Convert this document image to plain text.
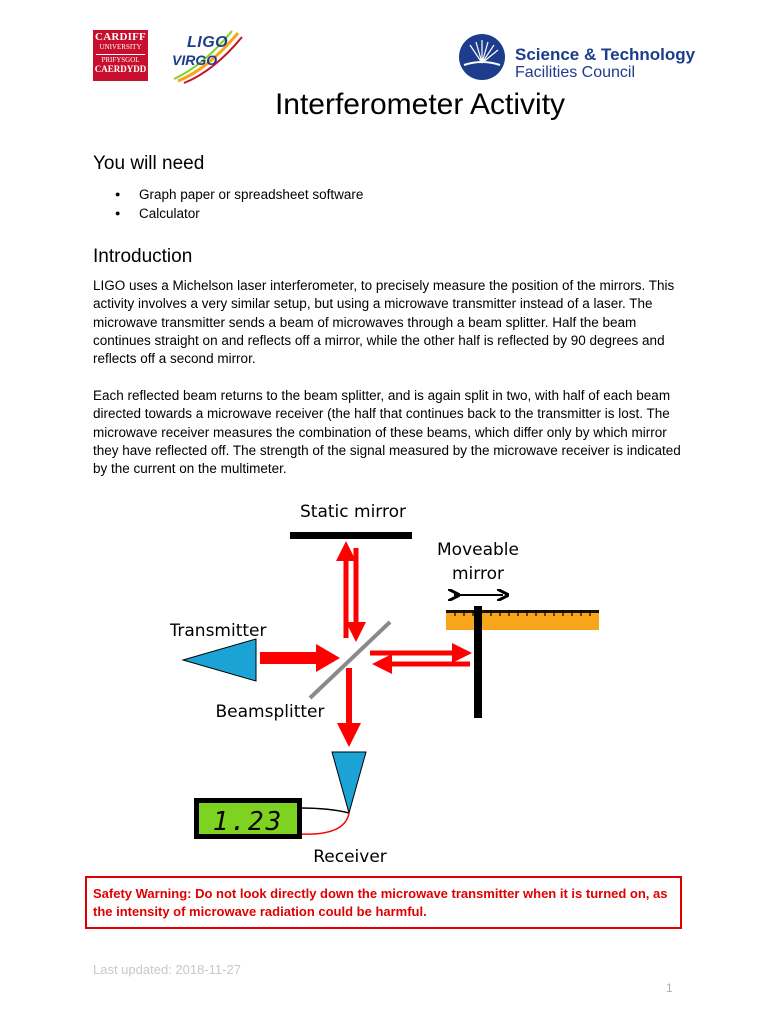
CARDIFF
UNIVERSITY
PRIFYSGOL
CAERDYDD
LIGO
VIRGO	Science & Technology
Facilities Council
Interferometer Activity
You will need
● Graph paper or spreadsheet software
● Calculator
Introduction

LIGO uses a Michelson laser interferometer, to precisely measure the position of the mirrors. This activity involves a very similar setup, but using a microwave transmitter instead of a laser. The microwave transmitter sends a beam of microwaves through a beam splitter. Half the beam continues straight on and reflects off a mirror, while the other half is reflected by 90 degrees and reflects off a second mirror.

Each reflected beam returns to the beam splitter, and is again split in two, with half of each beam directed towards a microwave receiver (the half that continues back to the transmitter is lost. The microwave receiver measures the combination of these beams, which differ only by which mirror they have reflected off. The strength of the signal measured by the microwave receiver is indicated by the current on the multimeter.

Static mirror
Moveable
mirror
Transmitter
Beamsplitter
Receiver
1.23
Safety Warning: Do not look directly down the microwave transmitter when it is turned on, as the intensity of microwave radiation could be harmful.
Last updated: 2018-11-27
1
